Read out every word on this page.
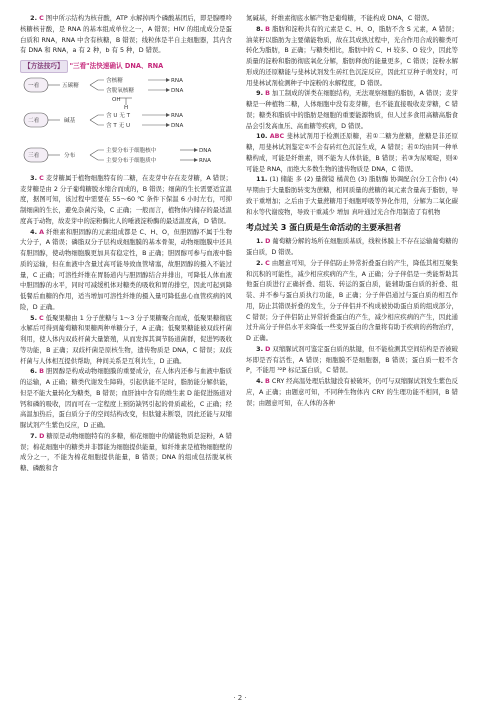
2. C 图中所示结构为核苷酸，ATP 水解掉两个磷酸基团后，即是腺嘌呤核糖核苷酸，是 RNA 的基本组成单位之一，A 错误；HIV 的组成成分是蛋白质和 RNA，RNA 中含有核糖，B 错误；线粒体是半自主细胞器，其内含有 DNA 和 RNA，a 有 2 种，b 有 5 种，D 错误。

【方法技巧】 "三看"法快速确认 DNA、RNA
一看
二看
三看
五碳糖
碱基
分布
含核糖	RNA
含脱氧核糖	DNA
OH
H
含 U 无 T	RNA
含 T 无 U	DNA
主要分布于细胞核中	DNA
主要分布于细胞质中	RNA

3. C 麦芽糖属于植物细胞特有的二糖，在麦芽中存在麦芽糖，A 错误；麦芽糖是由 2 分子葡萄糖脱水缩合而成的，B 错误；细菌的生长需要适宜温度，据图可知，该过程中需要在 55～60 ℃ 条件下保温 6 小时左右，可抑制细菌的生长，避免杂菌污染，C 正确；一般而言，植物体内储存的最适温度高于动物，故麦芽中的淀粉酶比人的唾液淀粉酶的最适温度高，D 错误。

4. A 纤维素和胆固醇的元素组成都是 C、H、O，但胆固醇不属于生物大分子，A 错误；磷脂双分子层构成细胞膜的基本骨架，动物细胞膜中还具有胆固醇，使动物细胞膜更加具有稳定性，B 正确；胆固醇可参与血液中脂质的运输，但在血液中含量过高可能导致血管堵塞，故胆固醇的摄入不能过量，C 正确；可溶性纤维在胃肠道内与胆固醇结合并排出，可降低人体血液中胆固醇的水平，同时可减缓机体对糖类的吸收和胃的排空，因此可起到降低餐后血糖的作用，适当增加可溶性纤维的摄入量可降低患心血管疾病的风险，D 正确。

5. C 低聚果糖由 1 分子蔗糖与 1～3 分子果糖聚合而成，低聚果糖彻底水解后可得到葡萄糖和果糖两种单糖分子，A 正确；低聚果糖能被双歧杆菌利用，使人体内双歧杆菌大量繁殖，从而发挥其调节肠道菌群，促进钙吸收等功能，B 正确；双歧杆菌是原核生物，遗传物质是 DNA，C 错误；双歧杆菌与人体相互提供帮助，种间关系是互利共生，D 正确。

6. B 胆固醇是构成动物细胞膜的重要成分，在人体内还参与血液中脂质的运输，A 正确；糖类代谢发生障碍，引起供能不足时，脂肪能分解供能，但是不能大量转化为糖类，B 错误；血肝油中含有的维生素 D 能促进肠道对钙和磷的吸收，因而可在一定程度上预防缺钙引起的骨质疏松，C 正确；经高温加热后，蛋白质分子的空间结构改变，但肽键未断裂，因此还能与双缩脲试剂产生紫色反应，D 正确。

7. D 糖原是动物细胞特有的多糖，棉花细胞中的储能物质是淀粉，A 错误；棉花细胞中的糖类并非都能为细胞提供能量，如纤维素是植物细胞壁的成分之一，不能为棉花细胞提供能量，B 错误；DNA 的组成包括脱氧核糖、磷酸和含

氮碱基，纤维素彻底水解产物是葡萄糖，不能构成 DNA，C 错误。

8. B 脂肪和淀粉共有的元素是 C、H、O，脂肪不含 S 元素，A 错误；油菜籽以脂肪为主要储能物质，故在其成熟过程中，光合作用合成的糖类可转化为脂肪，B 正确；与糖类相比，脂肪中的 C、H 较多、O 较少，因此等质量的淀粉和脂肪彻底氧化分解，脂肪释放的能量更多，C 错误；淀粉水解形成的还原糖能与斐林试剂发生砖红色沉淀反应，因此红豆种子萌发时，可用斐林试剂检测种子中淀粉的水解程度，D 错误。

9. B 加工制成的饼类在细胞结构，无法观察细胞的脂肪，A 错误；麦芽糖是一种植物二糖，人体细胞中没有麦芽糖，也不能直接吸收麦芽糖，C 错误；糖类和脂质中的脂肪是细胞的重要能源物质，但人过多食用高糖高脂食品会引发高血压、高血糖等疾病，D 错误。

10. ABC 斐林试剂用于检测还原糖，若①二糖为蔗糖，蔗糖是非还原糖，用斐林试剂鉴定①不会有砖红色沉淀生成，A 错误；若①均由同一种单糖构成，可能是纤维素，则不能为人体供能，B 错误；若③为尿嘧啶，则④可能是 RNA，而绝大多数生物的遗传物质是 DNA，C 错误。

11. (1) 储能 多 (2) 量微镜 橘黄色 (3) 脂肪酶 协调配合(分工合作) (4) 早期由于大量脂肪转变为蔗糖，相同质量的蔗糖的氧元素含量高于脂肪，导致干重增加；之后由于大量蔗糖用于细胞呼吸等异化作用，分解为二氧化碳和水等代谢废物，导致干重减少 增加 真叶通过光合作用制造了有机物

考点过关 3 蛋白质是生命活动的主要承担者

1. D 葡萄糖分解的场所在细胞质基质，线粒体膜上不存在运输葡萄糖的蛋白质，D 错误。

2. C 由题意可知，分子伴侣防止异常折叠蛋白的产生，降低其相互聚集和沉积的可能性，减少相应疾病的产生，A 正确；分子伴侣是一类能帮助其他蛋白质进行正确折叠、组装、转运的蛋白质，能辅助蛋白质的折叠、组装、并不参与蛋白质执行功能，B 正确；分子伴侣通过与蛋白质的相互作用，防止其错误折叠的发生，分子伴侣并不构成被协助蛋白质的组成部分，C 错误；分子伴侣防止异常折叠蛋白的产生，减少相应疾病的产生，因此通过升高分子伴侣水平来降低一些变异蛋白的含量将有助于疾病的药物治疗，D 正确。

3. D 双缩脲试剂可鉴定蛋白质的肽键，但不能检测其空间结构是否被破坏即是否有活性，A 错误；细胞膜不是细胞器，B 错误；蛋白质一般不含 P，不能用 ³²P 标记蛋白质，C 错误。

4. B CRY 经高温处理后肽键没有被破坏，仍可与双缩脲试剂发生紫色反应，A 正确；由题意可知，不同种生物体内 CRY 的生理功能不相同，B 错误；由题意可知，在人体的各种

· 2 ·
